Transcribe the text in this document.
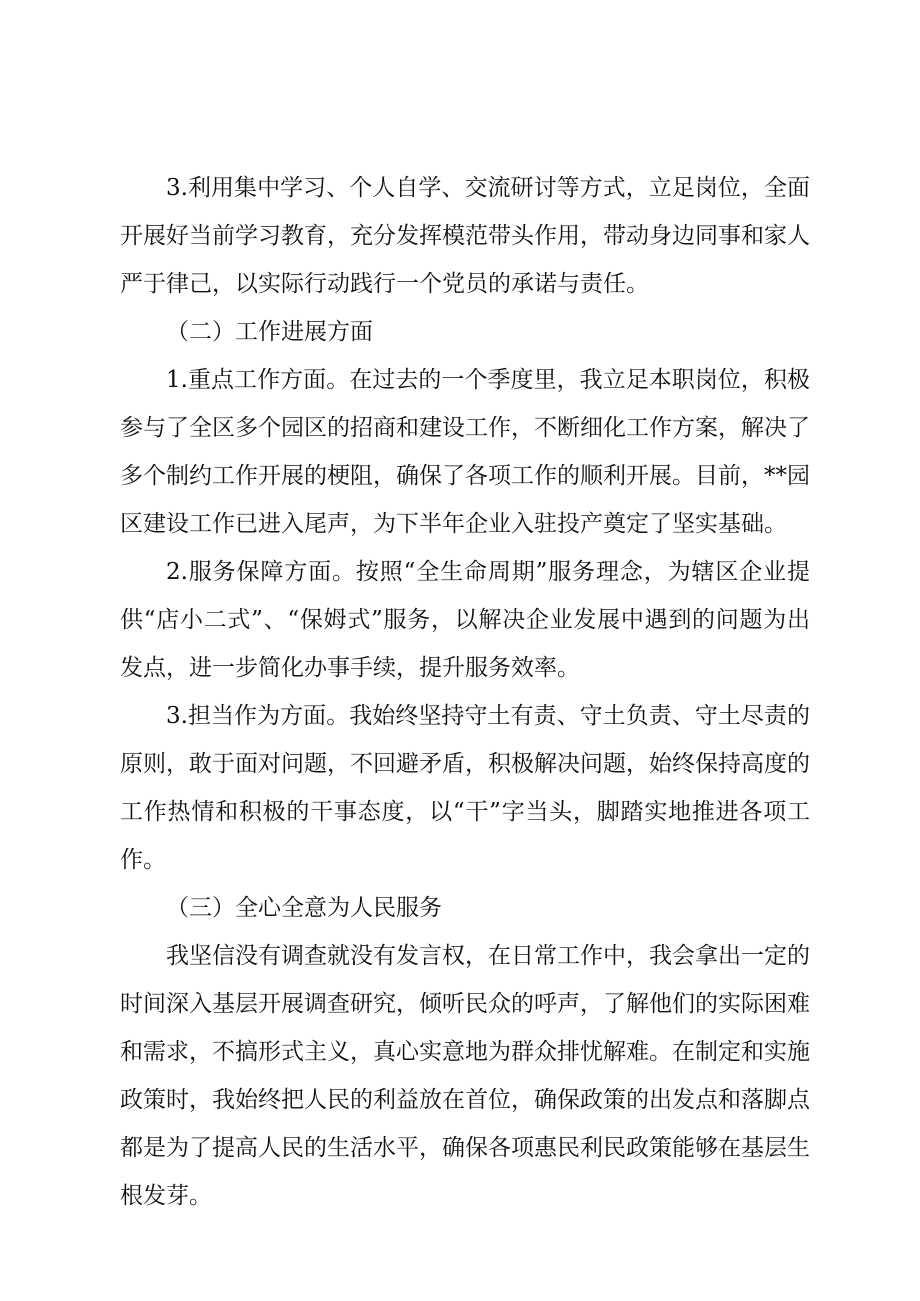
3.利用集中学习、个人自学、交流研讨等方式，立足岗位，全面开展好当前学习教育，充分发挥模范带头作用，带动身边同事和家人严于律己，以实际行动践行一个党员的承诺与责任。

（二）工作进展方面

1.重点工作方面。在过去的一个季度里，我立足本职岗位，积极参与了全区多个园区的招商和建设工作，不断细化工作方案，解决了多个制约工作开展的梗阻，确保了各项工作的顺利开展。目前，**园区建设工作已进入尾声，为下半年企业入驻投产奠定了坚实基础。

2.服务保障方面。按照“全生命周期”服务理念，为辖区企业提供“店小二式”、“保姆式”服务，以解决企业发展中遇到的问题为出发点，进一步简化办事手续，提升服务效率。

3.担当作为方面。我始终坚持守土有责、守土负责、守土尽责的原则，敢于面对问题，不回避矛盾，积极解决问题，始终保持高度的工作热情和积极的干事态度，以“干”字当头，脚踏实地推进各项工作。

（三）全心全意为人民服务

我坚信没有调查就没有发言权，在日常工作中，我会拿出一定的时间深入基层开展调查研究，倾听民众的呼声，了解他们的实际困难和需求，不搞形式主义，真心实意地为群众排忧解难。在制定和实施政策时，我始终把人民的利益放在首位，确保政策的出发点和落脚点都是为了提高人民的生活水平，确保各项惠民利民政策能够在基层生根发芽。
